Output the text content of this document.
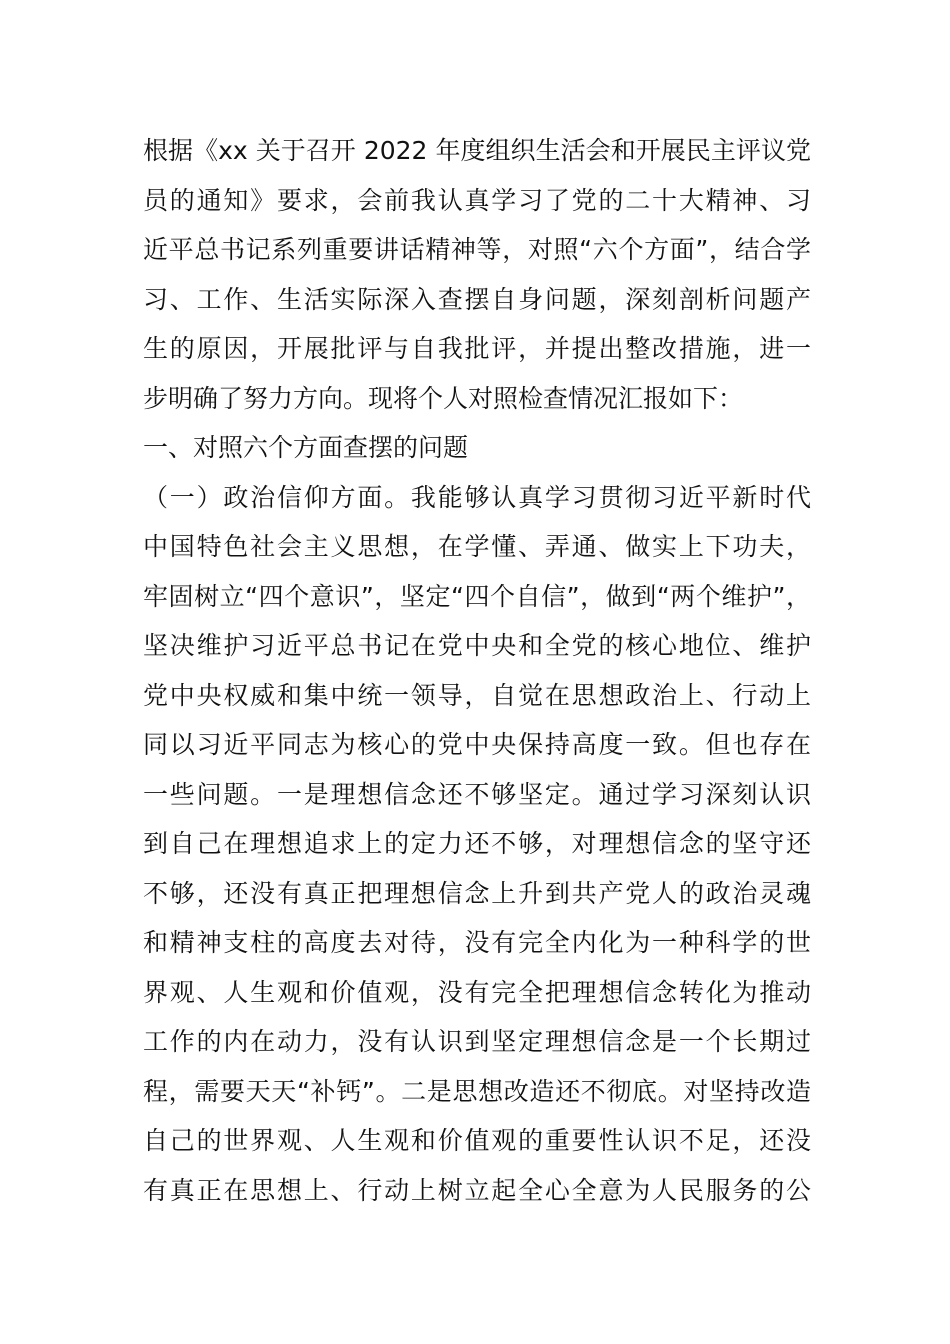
根据《xx 关于召开 2022 年度组织生活会和开展民主评议党
员的通知》要求，会前我认真学习了党的二十大精神、习
近平总书记系列重要讲话精神等，对照“六个方面”，结合学
习、工作、生活实际深入查摆自身问题，深刻剖析问题产
生的原因，开展批评与自我批评，并提出整改措施，进一
步明确了努力方向。现将个人对照检查情况汇报如下：
一、对照六个方面查摆的问题
（一）政治信仰方面。我能够认真学习贯彻习近平新时代
中国特色社会主义思想，在学懂、弄通、做实上下功夫，
牢固树立“四个意识”，坚定“四个自信”，做到“两个维护”，
坚决维护习近平总书记在党中央和全党的核心地位、维护
党中央权威和集中统一领导，自觉在思想政治上、行动上
同以习近平同志为核心的党中央保持高度一致。但也存在
一些问题。一是理想信念还不够坚定。通过学习深刻认识
到自己在理想追求上的定力还不够，对理想信念的坚守还
不够，还没有真正把理想信念上升到共产党人的政治灵魂
和精神支柱的高度去对待，没有完全内化为一种科学的世
界观、人生观和价值观，没有完全把理想信念转化为推动
工作的内在动力，没有认识到坚定理想信念是一个长期过
程，需要天天“补钙”。二是思想改造还不彻底。对坚持改造
自己的世界观、人生观和价值观的重要性认识不足，还没
有真正在思想上、行动上树立起全心全意为人民服务的公
